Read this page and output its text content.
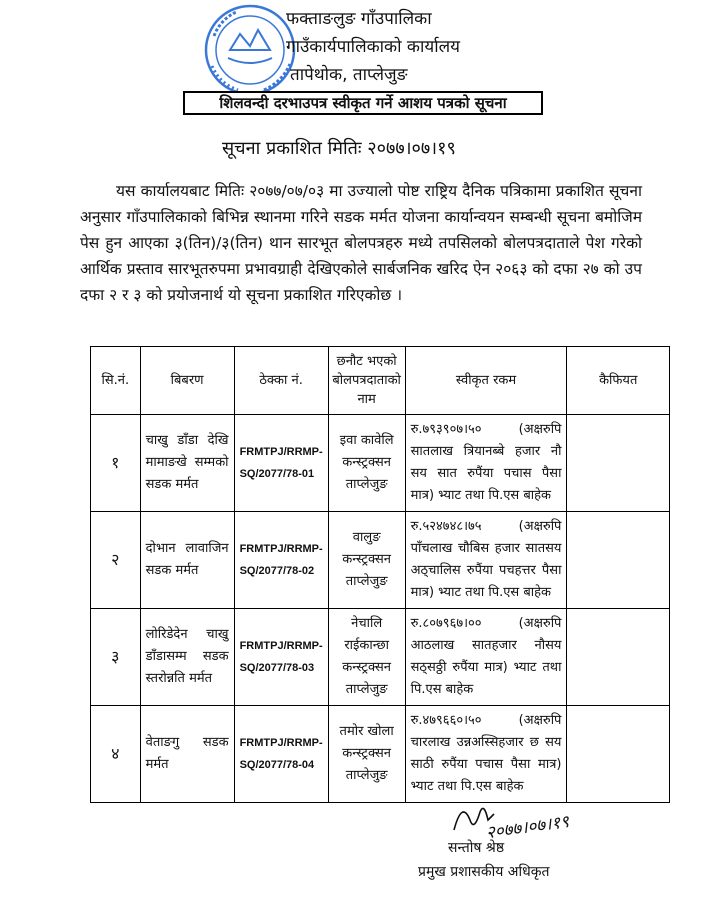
फक्ताङलुङ गाँउपालिका
गाउँकार्यपालिकाको कार्यालय
तापेथोक, ताप्लेजुङ
शिलवन्दी दरभाउपत्र स्वीकृत गर्ने आशय पत्रको सूचना
सूचना प्रकाशित मितिः २०७७।०७।१९

यस कार्यालयबाट मितिः २०७७/०७/०३ मा उज्यालो पोष्ट राष्ट्रिय दैनिक पत्रिकामा प्रकाशित सूचना अनुसार गाँउपालिकाको बिभिन्न स्थानमा गरिने सडक मर्मत योजना कार्यान्वयन सम्बन्धी सूचना बमोजिम पेस हुन आएका ३(तिन)/३(तिन) थान सारभूत बोलपत्रहरु मध्ये तपसिलको बोलपत्रदाताले पेश गरेको आर्थिक प्रस्ताव सारभूतरुपमा प्रभावग्राही देखिएकोले सार्बजनिक खरिद ऐन २०६३ को दफा २७ को उप दफा २ र ३ को प्रयोजनार्थ यो सूचना प्रकाशित गरिएकोछ ।

सि.नं.	बिबरण	ठेक्का नं.	छनौट भएको बोलपत्रदाताको नाम	स्वीकृत रकम	कैफियत
१	चाखु डाँडा देखि मामाङखे सम्मको सडक मर्मत	FRMTPJ/RRMP-SQ/2077/78-01	इवा कावेलि कन्स्ट्रक्सन ताप्लेजुङ	रु.७९३९०७।५० (अक्षरुपि सातलाख त्रियानब्बे हजार नौ सय सात रुपैंया पचास पैसा मात्र) भ्याट तथा पि.एस बाहेक	
२	दोभान लावाजिन सडक मर्मत	FRMTPJ/RRMP-SQ/2077/78-02	वालुङ कन्स्ट्रक्सन ताप्लेजुङ	रु.५२४७४८।७५ (अक्षरुपि पाँचलाख चौबिस हजार सातसय अठ्चालिस रुपैंया पचहत्तर पैसा मात्र) भ्याट तथा पि.एस बाहेक	
३	लोरिडेदेन चाखु डाँडासम्म सडक स्तरोन्नति मर्मत	FRMTPJ/RRMP-SQ/2077/78-03	नेचालि राईकान्छा कन्स्ट्रक्सन ताप्लेजुङ	रु.८०७९६७।०० (अक्षरुपि आठलाख सातहजार नौसय सठ्सठ्ठी रुपैंया मात्र) भ्याट तथा पि.एस बाहेक	
४	वेताङगु सडक मर्मत	FRMTPJ/RRMP-SQ/2077/78-04	तमोर खोला कन्स्ट्रक्सन ताप्लेजुङ	रु.४७९६६०।५० (अक्षरुपि चारलाख उन्नअस्सिहजार छ सय साठी रुपैंया पचास पैसा मात्र) भ्याट तथा पि.एस बाहेक	
२०७७।०७।१९
सन्तोष श्रेष्ठ
प्रमुख प्रशासकीय अधिकृत
